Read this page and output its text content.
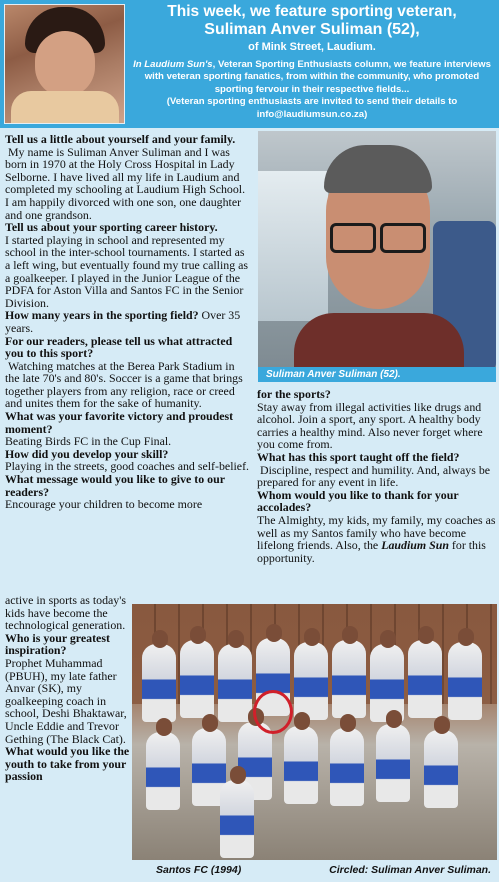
This week, we feature sporting veteran,
Suliman Anver Suliman (52),
of Mink Street, Laudium.
In Laudium Sun's, Veteran Sporting Enthusiasts column, we feature interviews with veteran sporting fanatics, from within the community, who promoted sporting fervour in their respective fields...
(Veteran sporting enthusiasts are invited to send their details to info@laudiumsun.co.za)

Tell us a little about yourself and your family.

My name is Suliman Anver Suliman and I was born in 1970 at the Holy Cross Hospital in Lady Selborne. I have lived all my life in Laudium and completed my schooling at Laudium High School. I am happily divorced with one son, one daughter and one grandson.

Tell us about your sporting career history.

I started playing in school and represented my school in the inter-school tournaments. I started as a left wing, but eventually found my true calling as a goalkeeper. I played in the Junior League of the PDFA for Aston Villa and Santos FC in the Senior Division.

How many years in the sporting field? Over 35 years.

For our readers, please tell us what attracted you to this sport?

Watching matches at the Berea Park Stadium in the late 70's and 80's. Soccer is a game that brings together players from any religion, race or creed and unites them for the sake of humanity.

What was your favorite victory and proudest moment?

Beating Birds FC in the Cup Final.

How did you develop your skill?

Playing in the streets, good coaches and self-belief.

What message would you like to give to our readers?

Encourage your children to become more

Suliman Anver Suliman (52).

for the sports?

Stay away from illegal activities like drugs and alcohol. Join a sport, any sport. A healthy body carries a healthy mind. Also never forget where you come from.

What has this sport taught off the field?

Discipline, respect and humility. And, always be prepared for any event in life.

Whom would you like to thank for your accolades?

The Almighty, my kids, my family, my coaches as well as my Santos family who have become lifelong friends. Also, the Laudium Sun for this opportunity.

active in sports as today's kids have become the technological generation.

Who is your greatest inspiration?

Prophet Muhammad (PBUH), my late father Anvar (SK), my goalkeeping coach in school, Deshi Bhaktawar, Uncle Eddie and Trevor Gething (The Black Cat).

What would you like the youth to take from your passion

Santos FC (1994)	Circled: Suliman Anver Suliman.
